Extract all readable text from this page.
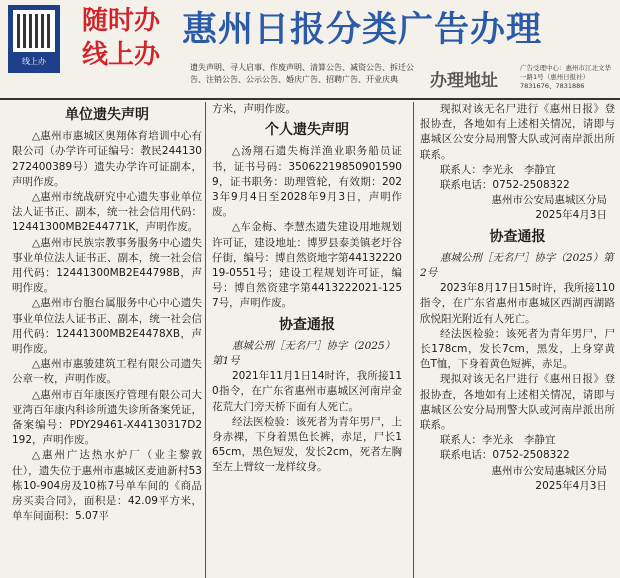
线上办
随时办
线上办
惠州日报分类广告办理
遗失声明、寻人启事、作废声明、清算公告、减资公告、拆迁公告、注销公告、公示公告、婚庆广告、招聘广告、开业庆典	办理地址
广告受理中心：惠州市江北文华一路1号（惠州日报社）7831676、7831886
单位遗失声明

△惠州市惠城区奥翔体育培训中心有限公司（办学许可证编号：教民244130272400389号）遗失办学许可证副本，声明作废。

△惠州市统战研究中心遗失事业单位法人证书正、副本，统一社会信用代码：12441300MB2E44771K，声明作废。

△惠州市民族宗教事务服务中心遗失事业单位法人证书正、副本，统一社会信用代码：12441300MB2E44798B，声明作废。

△惠州市台胞台属服务中心中心遗失事业单位法人证书正、副本，统一社会信用代码：12441300MB2E4478XB，声明作废。

△惠州市惠骏建筑工程有限公司遗失公章一枚，声明作废。

△惠州市百年康医疗管理有限公司大亚湾百年康内科诊所遗失诊所备案凭证，备案编号：PDY29461-X44130317D2192，声明作废。

△惠州广达热水炉厂（业主黎敦仕），遗失位于惠州市惠城区麦迪新村53栋10-904房及10栋7号单车间的《商品房买卖合同》，面积是：42.09平方米，单车间面积：5.07平

方米，声明作废。

个人遗失声明

△汤翔石遗失梅洋渔业职务船员证书，证书号码：350622198509015909，证书职务：助理管轮，有效期：2023年9月4日至2028年9月3日，声明作废。

△车金梅、李慧杰遗失建设用地规划许可证，建设地址：博罗县泰美镇老圩谷仔街，编号：博自然资地字第4413222019-0551号；建设工程规划许可证，编号：博自然资建字第4413222021-1257号，声明作废。

协查通报

惠城公刑［无名尸］协字（2025）第1号

2021年11月1日14时许，我所接110指令，在广东省惠州市惠城区河南岸金花荒大门旁天桥下面有人死亡。

经法医检验：该死者为青年男尸，上身赤裸，下身着黑色长裤，赤足，尸长165cm，黑色短发，发长2cm，死者左胸至左上臂纹一龙样纹身。

现拟对该无名尸进行《惠州日报》登报协查，各地如有上述相关情况，请即与惠城区公安分局刑警大队或河南岸派出所联系。

联系人：李光永　李静宜

联系电话：0752-2508322

惠州市公安局惠城区分局

2025年4月3日

协查通报

惠城公刑［无名尸］协字（2025）第2号

2023年8月17日15时许，我所接110指令，在广东省惠州市惠城区西湖西湖路欣悦阳光附近有人死亡。

经法医检验：该死者为青年男尸，尸长178cm，发长7cm，黑发，上身穿黄色T恤，下身着黄色短裤，赤足。

现拟对该无名尸进行《惠州日报》登报协查，各地如有上述相关情况，请即与惠城区公安分局刑警大队或河南岸派出所联系。

联系人：李光永　李静宜

联系电话：0752-2508322

惠州市公安局惠城区分局

2025年4月3日
